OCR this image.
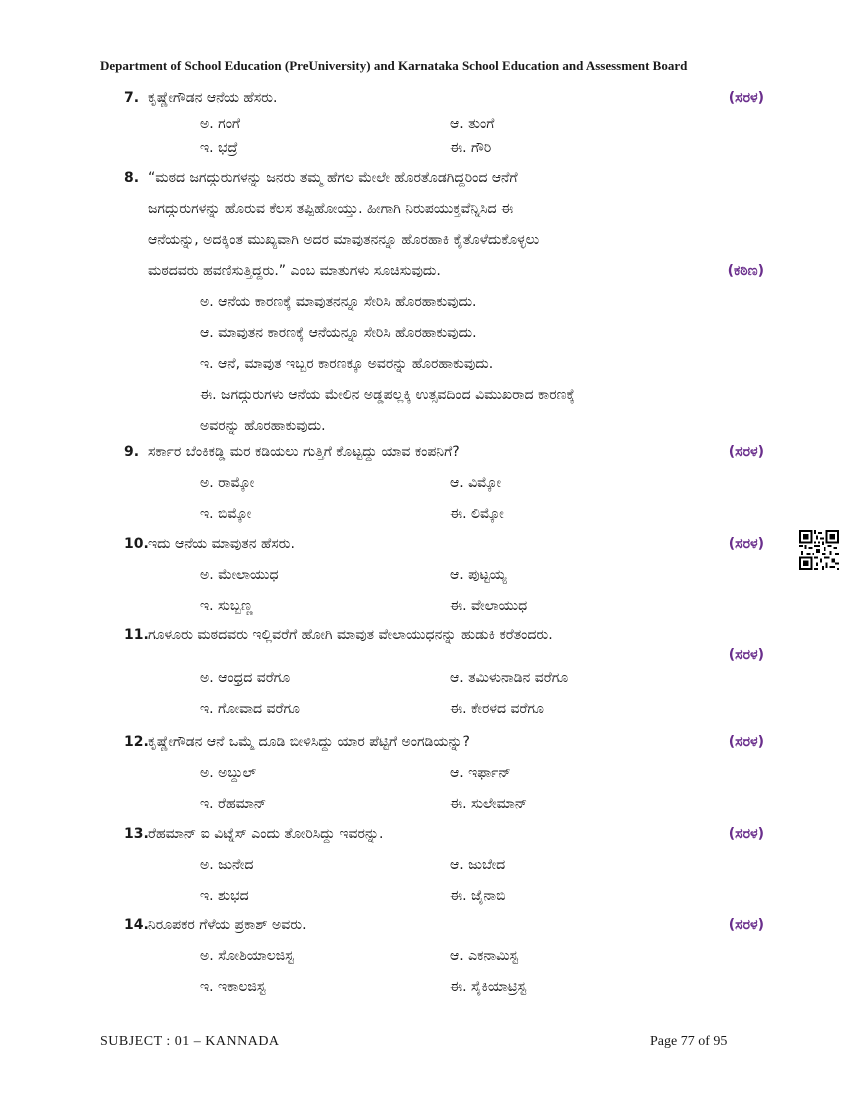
Department of School Education (PreUniversity) and Karnataka School Education and Assessment Board
7. ಕೃಷ್ಣೇಗೌಡನ ಆನೆಯ ಹೆಸರು.	(ಸರಳ)
ಅ. ಗಂಗೆ	ಆ. ತುಂಗೆ
ಇ. ಭದ್ರೆ	ಈ. ಗೌರಿ
8. “ಮಠದ ಜಗದ್ಗುರುಗಳನ್ನು ಜನರು ತಮ್ಮ ಹೆಗಲ ಮೇಲೇ ಹೊರತೊಡಗಿದ್ದರಿಂದ ಆನೆಗೆ
ಜಗದ್ಗುರುಗಳನ್ನು ಹೊರುವ ಕೆಲಸ ತಪ್ಪಿಹೋಯ್ತು. ಹೀಗಾಗಿ ನಿರುಪಯುಕ್ತವೆನ್ನಿಸಿದ ಈ
ಆನೆಯನ್ನು, ಅದಕ್ಕಿಂತ ಮುಖ್ಯವಾಗಿ ಅದರ ಮಾವುತನನ್ನೂ ಹೊರಹಾಕಿ ಕೈತೊಳೆದುಕೊಳ್ಳಲು
ಮಠದವರು ಹವಣಿಸುತ್ತಿದ್ದರು.” ಎಂಬ ಮಾತುಗಳು ಸೂಚಿಸುವುದು.	(ಕಠಿಣ)
ಅ. ಆನೆಯ ಕಾರಣಕ್ಕೆ ಮಾವುತನನ್ನೂ ಸೇರಿಸಿ ಹೊರಹಾಕುವುದು.
ಆ. ಮಾವುತನ ಕಾರಣಕ್ಕೆ ಆನೆಯನ್ನೂ ಸೇರಿಸಿ ಹೊರಹಾಕುವುದು.
ಇ. ಆನೆ, ಮಾವುತ ಇಬ್ಬರ ಕಾರಣಕ್ಕೂ ಅವರನ್ನು ಹೊರಹಾಕುವುದು.
ಈ. ಜಗದ್ಗುರುಗಳು ಆನೆಯ ಮೇಲಿನ ಅಡ್ಡಪಲ್ಲಕ್ಕಿ ಉತ್ಸವದಿಂದ ವಿಮುಖರಾದ ಕಾರಣಕ್ಕೆ
ಅವರನ್ನು ಹೊರಹಾಕುವುದು.
9. ಸರ್ಕಾರ ಬೆಂಕಿಕಡ್ಡಿ ಮರ ಕಡಿಯಲು ಗುತ್ತಿಗೆ ಕೊಟ್ಟದ್ದು ಯಾವ ಕಂಪನಿಗೆ?	(ಸರಳ)
ಅ. ರಾಮ್ಕೋ	ಆ. ವಿಮ್ಕೋ
ಇ. ಬಿಮ್ಕೋ	ಈ. ಲಿಮ್ಕೋ
10. ಇದು ಆನೆಯ ಮಾವುತನ ಹೆಸರು.	(ಸರಳ)
ಅ. ಮೇಲಾಯುಧ	ಆ. ಪುಟ್ಟಯ್ಯ
ಇ. ಸುಬ್ಬಣ್ಣ	ಈ. ವೇಲಾಯುಧ
11. ಗೂಳೂರು ಮಠದವರು ಇಲ್ಲಿವರೆಗೆ ಹೋಗಿ ಮಾವುತ ವೇಲಾಯುಧನನ್ನು ಹುಡುಕಿ ಕರೆತಂದರು.
(ಸರಳ)
ಅ. ಆಂಧ್ರದ ವರೆಗೂ	ಆ. ತಮಿಳುನಾಡಿನ ವರೆಗೂ
ಇ. ಗೋವಾದ ವರೆಗೂ	ಈ. ಕೇರಳದ ವರೆಗೂ
12. ಕೃಷ್ಣೇಗೌಡನ ಆನೆ ಒಮ್ಮೆ ದೂಡಿ ಬೀಳಿಸಿದ್ದು ಯಾರ ಪೆಟ್ಟಿಗೆ ಅಂಗಡಿಯನ್ನು?	(ಸರಳ)
ಅ. ಅಬ್ದುಲ್	ಆ. ಇರ್ಫಾನ್
ಇ. ರೆಹಮಾನ್	ಈ. ಸುಲೇಮಾನ್
13. ರೆಹಮಾನ್ ಐ ವಿಟ್ನೆಸ್ ಎಂದು ತೋರಿಸಿದ್ದು ಇವರನ್ನು.	(ಸರಳ)
ಅ. ಜುನೇದ	ಆ. ಜುಬೇದ
ಇ. ಶುಭದ	ಈ. ಜೈನಾಬಿ
14. ನಿರೂಪಕರ ಗೆಳೆಯ ಪ್ರಕಾಶ್ ಅವರು.	(ಸರಳ)
ಅ. ಸೋಶಿಯಾಲಜಿಸ್ಟ	ಆ. ಎಕನಾಮಿಸ್ಟ
ಇ. ಇಕಾಲಜಿಸ್ಟ	ಈ. ಸೈಕಿಯಾಟ್ರಿಸ್ಟ
SUBJECT : 01 – KANNADA	Page 77 of 95
